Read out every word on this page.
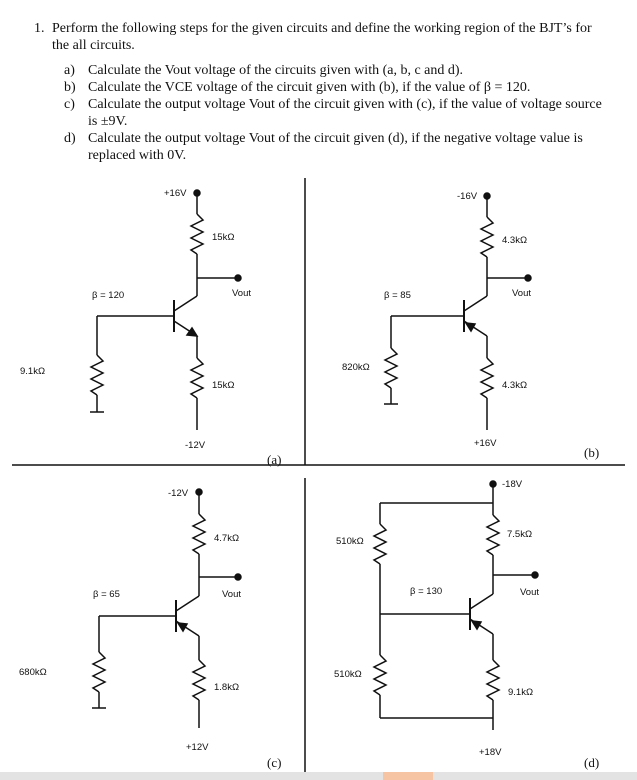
1. Perform the following steps for the given circuits and define the working region of the BJT’s for the all circuits.
a) Calculate the Vout voltage of the circuits given with (a, b, c and d).
b) Calculate the VCE voltage of the circuit given with (b), if the value of β = 120.
c) Calculate the output voltage Vout of the circuit given with (c), if the value of voltage source is ±9V.
d) Calculate the output voltage Vout of the circuit given (d), if the negative voltage value is replaced with 0V.
+16V
15kΩ
Vout
β = 120
9.1kΩ
15kΩ
-12V
(a)
-16V
4.3kΩ
Vout
β = 85
820kΩ
4.3kΩ
+16V
(b)
-12V
4.7kΩ
Vout
β = 65
680kΩ
1.8kΩ
+12V
(c)
-18V
7.5kΩ
Vout
β = 130
510kΩ
510kΩ
9.1kΩ
+18V
(d)
